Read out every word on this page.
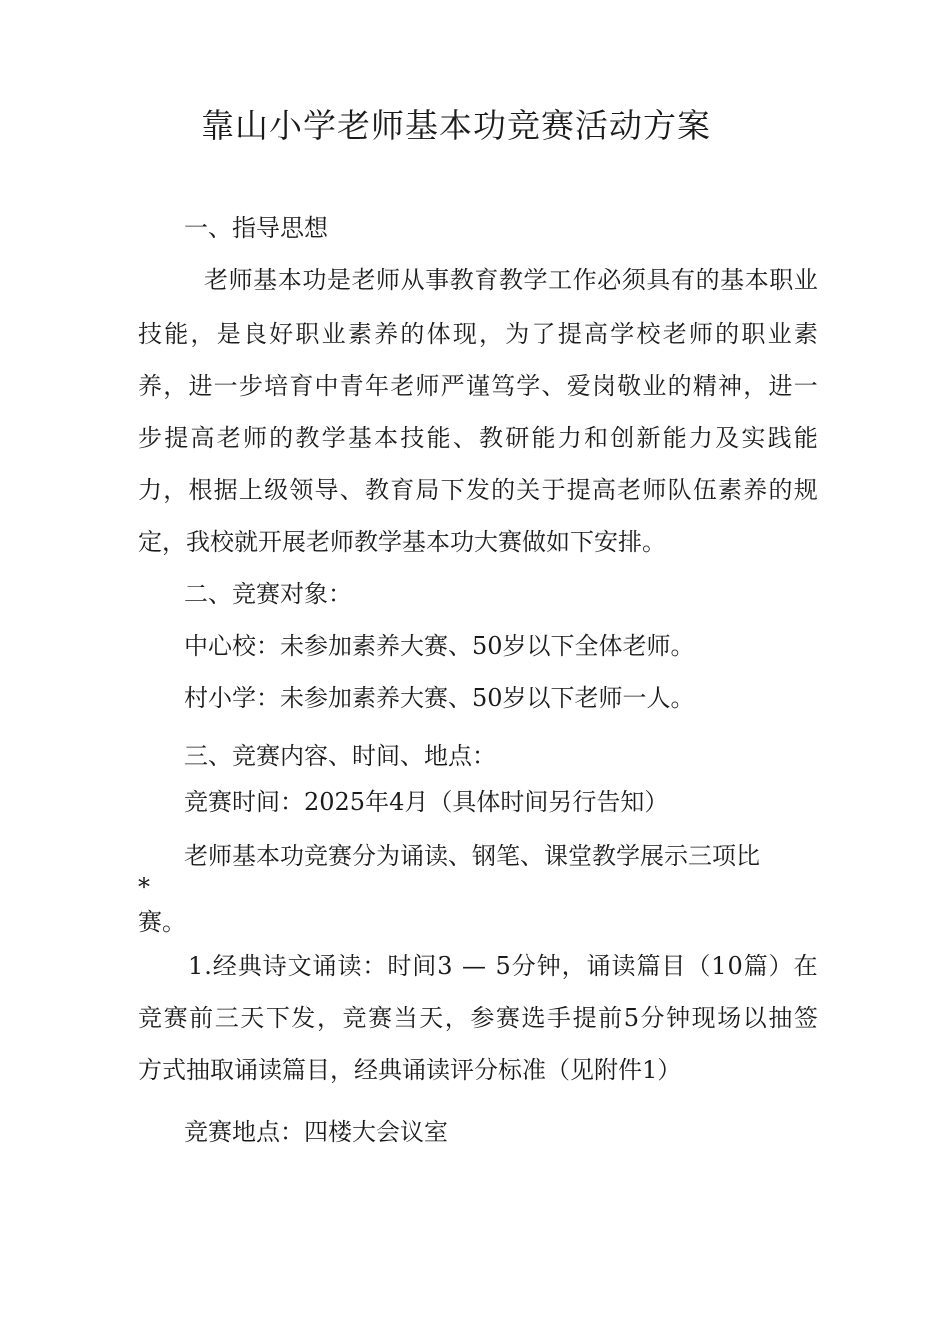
靠山小学老师基本功竞赛活动方案
一、指导思想
老 师 基 本 功 是 老 师 从 事 教 育 教 学 工 作 必 须 具 有 的 基 本 职 业
技 能 ， 是 良 好 职 业 素 养 的 体 现 ， 为 了 提 高 学 校 老 师 的 职 业 素
养 ， 进 一 步 培 育 中 青 年 老 师 严 谨 笃 学 、 爱 岗 敬 业 的 精 神 ， 进 一
步 提 高 老 师 的 教 学 基 本 技 能 、 教 研 能 力 和 创 新 能 力 及 实 践 能
力 ， 根 据 上 级 领 导 、 教 育 局 下 发 的 关 于 提 高 老 师 队 伍 素 养 的 规
定，我校就开展老师教学基本功大赛做如下安排。
二、竞赛对象：
中心校：未参加素养大赛、50岁以下全体老师。
村小学：未参加素养大赛、50岁以下老师一人。
三、竞赛内容、时间、地点：
竞赛时间：2025年4月（具体时间另行告知）
老师基本功竞赛分为诵读、钢笔、课堂教学展示三项比
*
赛。
1 . 经 典 诗 文 诵 读 ： 时 间 3
—
5 分 钟 ， 诵 读 篇 目 （ 1 0 篇 ） 在
竞 赛 前 三 天 下 发 ， 竞 赛 当 天 ， 参 赛 选 手 提 前 5 分 钟 现 场 以 抽 签
方式抽取诵读篇目，经典诵读评分标准（见附件1）
竞赛地点：四楼大会议室
